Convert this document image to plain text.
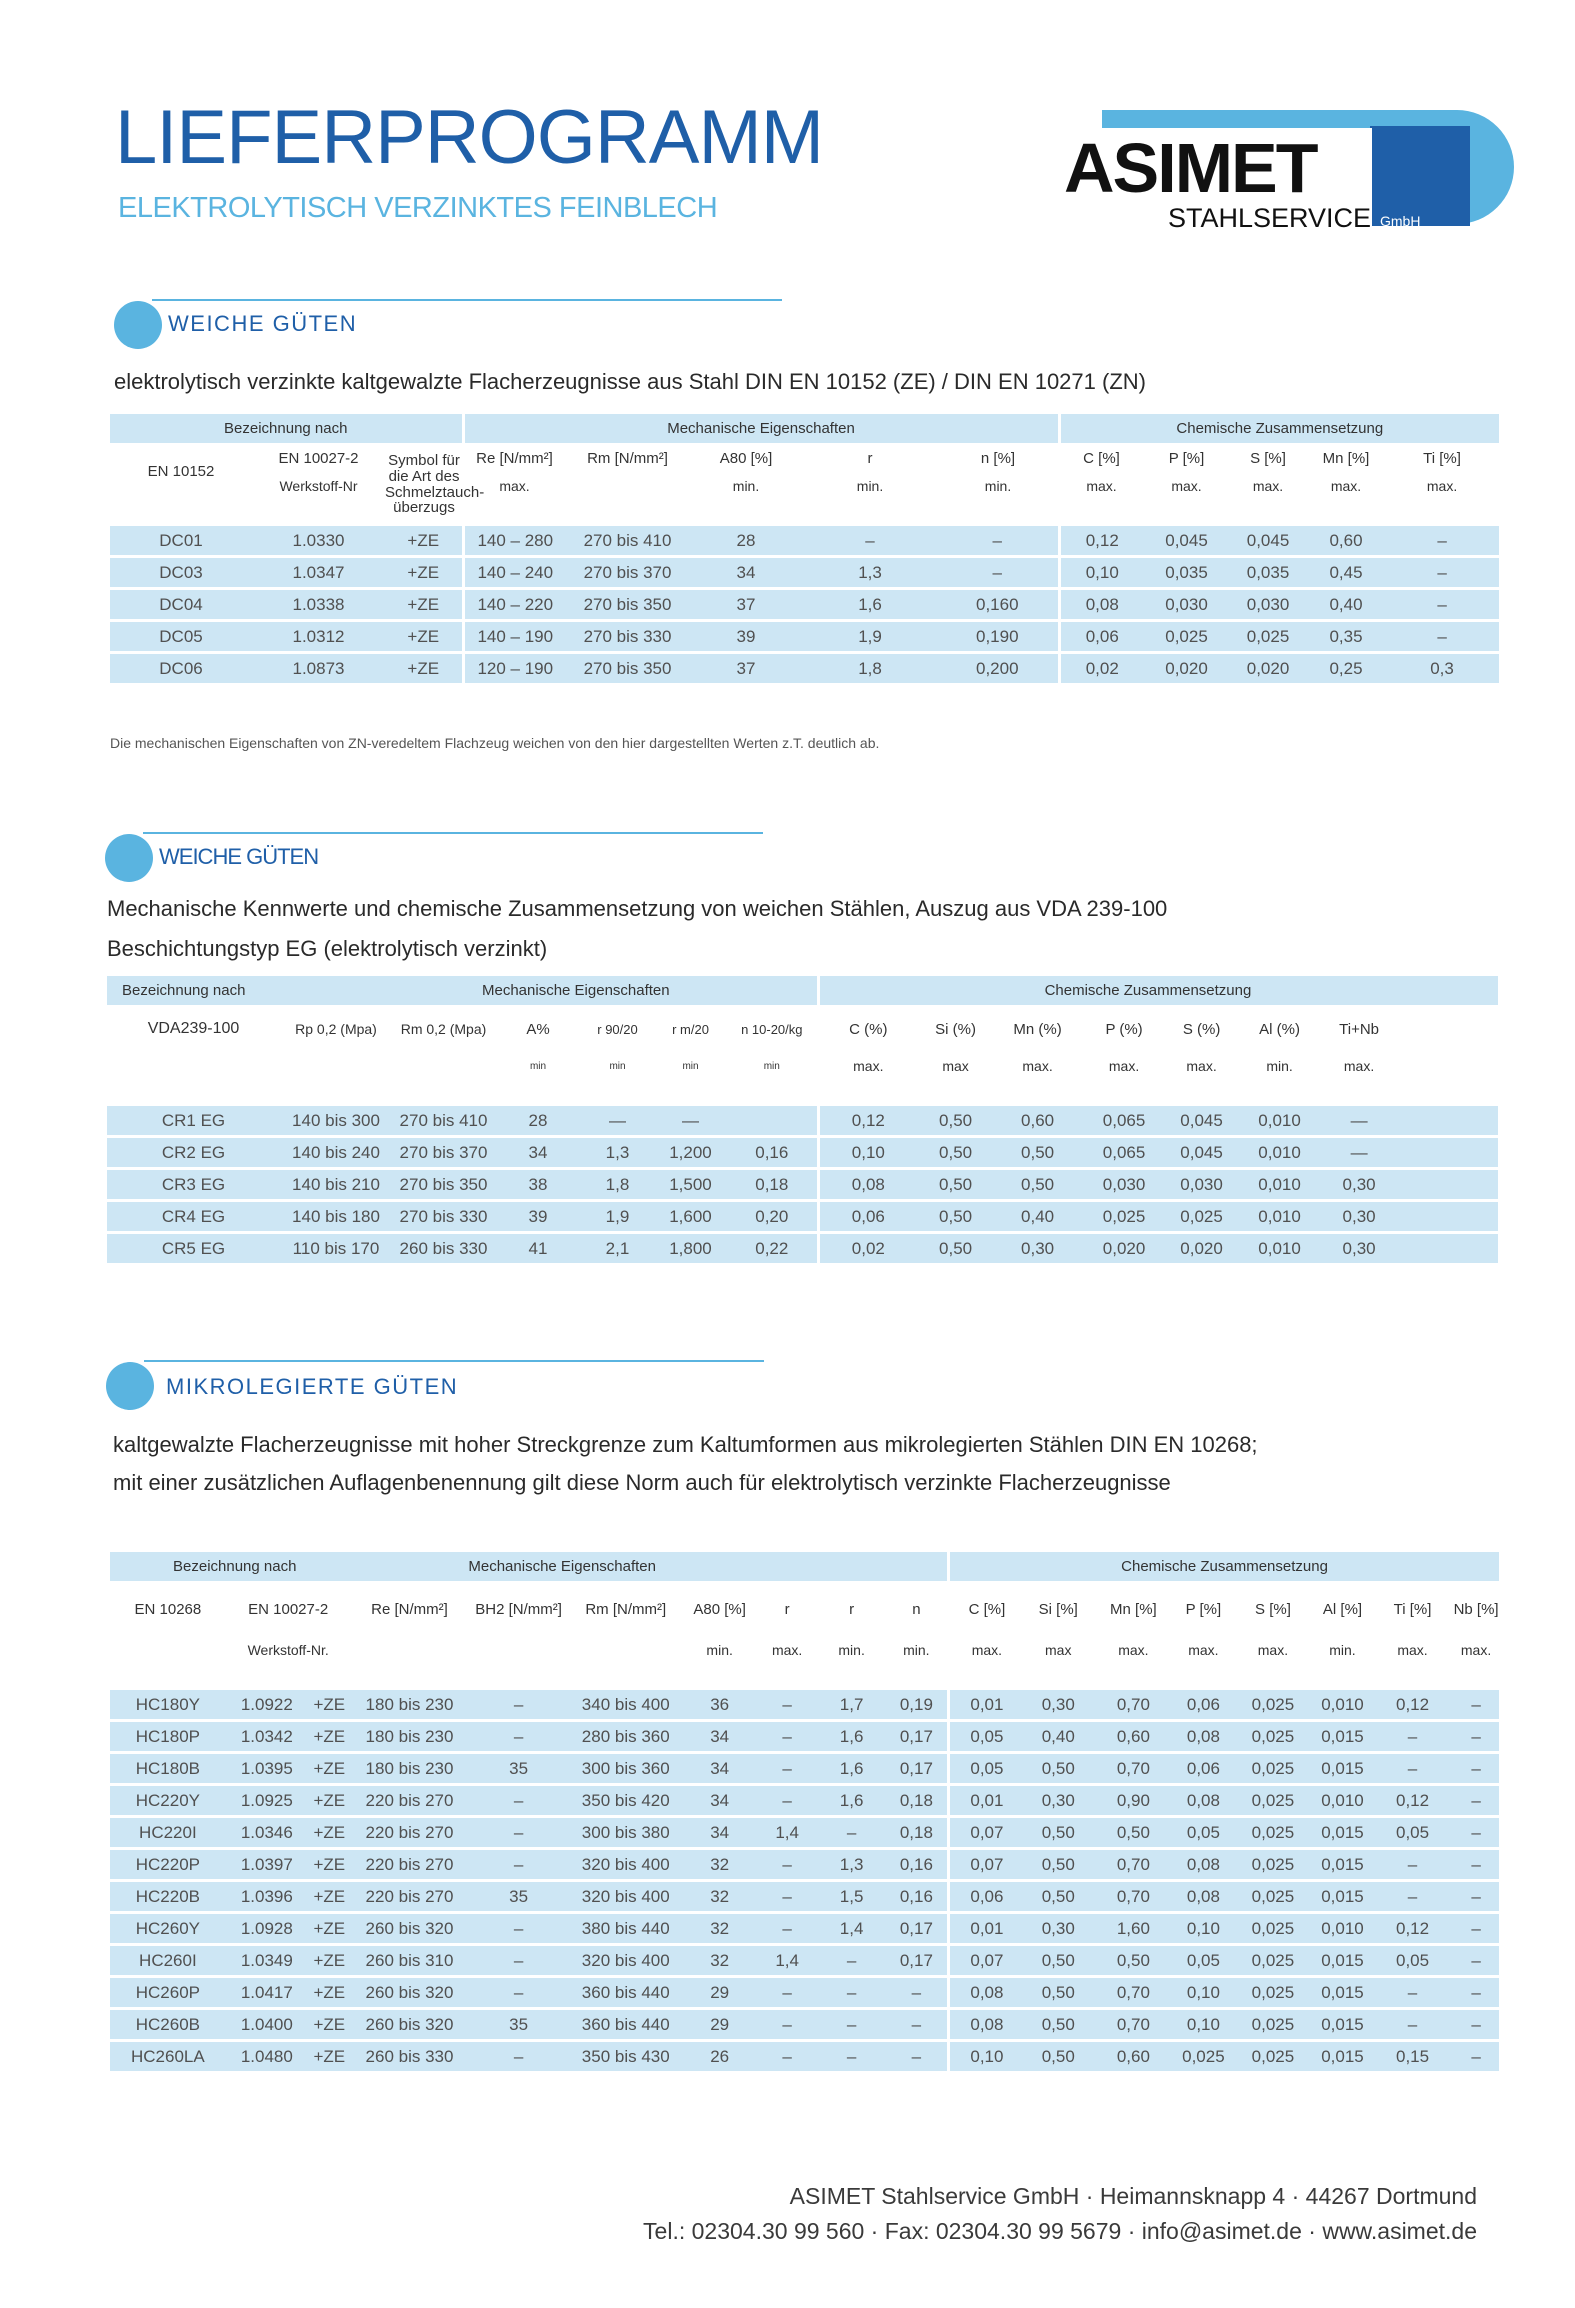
LIEFERPROGRAMM
ELEKTROLYTISCH VERZINKTES FEINBLECH
ASIMET
STAHLSERVICE GmbH
WEICHE GÜTEN
elektrolytisch verzinkte kaltgewalzte Flacherzeugnisse aus Stahl DIN EN 10152 (ZE) / DIN EN 10271 (ZN)
Bezeichnung nach			Mechanische Eigenschaften					Chemische Zusammensetzung				
EN 10152	EN 10027-2	Symbol für die Art des Schmelztauch-überzugs	Re [N/mm²]	Rm [N/mm²]	A80 [%]	r	n [%]	C [%]	P [%]	S [%]	Mn [%]	Ti [%]
	Werkstoff-Nr		max.		min.	min.	min.	max.	max.	max.	max.	max.

DC01	1.0330	+ZE	140 – 280	270 bis 410	28	–	–	0,12	0,045	0,045	0,60	–
DC03	1.0347	+ZE	140 – 240	270 bis 370	34	1,3	–	0,10	0,035	0,035	0,45	–
DC04	1.0338	+ZE	140 – 220	270 bis 350	37	1,6	0,160	0,08	0,030	0,030	0,40	–
DC05	1.0312	+ZE	140 – 190	270 bis 330	39	1,9	0,190	0,06	0,025	0,025	0,35	–
DC06	1.0873	+ZE	120 – 190	270 bis 350	37	1,8	0,200	0,02	0,020	0,020	0,25	0,3
Die mechanischen Eigenschaften von ZN-veredeltem Flachzeug weichen von den hier dargestellten Werten z.T. deutlich ab.
WEICHE GÜTEN
Mechanische Kennwerte und chemische Zusammensetzung von weichen Stählen, Auszug aus VDA 239-100
Beschichtungstyp EG (elektrolytisch verzinkt)
Bezeichnung nach		Mechanische Eigenschaften					Chemische Zusammensetzung							
VDA239-100	Rp 0,2 (Mpa)	Rm 0,2 (Mpa)	A%	r 90/20	r m/20	n 10-20/kg	C (%)	Si (%)	Mn (%)	P (%)	S (%)	Al (%)	Ti+Nb	
			min	min	min	min	max.	max	max.	max.	max.	min.	max.	

CR1 EG	140 bis 300	270 bis 410	28	—	—		0,12	0,50	0,60	0,065	0,045	0,010	—	
CR2 EG	140 bis 240	270 bis 370	34	1,3	1,200	0,16	0,10	0,50	0,50	0,065	0,045	0,010	—	
CR3 EG	140 bis 210	270 bis 350	38	1,8	1,500	0,18	0,08	0,50	0,50	0,030	0,030	0,010	0,30	
CR4 EG	140 bis 180	270 bis 330	39	1,9	1,600	0,20	0,06	0,50	0,40	0,025	0,025	0,010	0,30	
CR5 EG	110 bis 170	260 bis 330	41	2,1	1,800	0,22	0,02	0,50	0,30	0,020	0,020	0,010	0,30	
MIKROLEGIERTE GÜTEN
kaltgewalzte Flacherzeugnisse mit hoher Streckgrenze zum Kaltumformen aus mikrolegierten Stählen DIN EN 10268;
mit einer zusätzlichen Auflagenbenennung gilt diese Norm auch für elektrolytisch verzinkte Flacherzeugnisse
Bezeichnung nach				Mechanische Eigenschaften						Chemische Zusammensetzung							
EN 10268	EN 10027-2		Re [N/mm²]	BH2 [N/mm²]	Rm [N/mm²]	A80 [%]	r	r	n	C [%]	Si [%]	Mn [%]	P [%]	S [%]	Al [%]	Ti [%]	Nb [%]
	Werkstoff-Nr.					min.	max.	min.	min.	max.	max	max.	max.	max.	min.	max.	max.

HC180Y	1.0922	+ZE	180 bis 230	–	340 bis 400	36	–	1,7	0,19	0,01	0,30	0,70	0,06	0,025	0,010	0,12	–
HC180P	1.0342	+ZE	180 bis 230	–	280 bis 360	34	–	1,6	0,17	0,05	0,40	0,60	0,08	0,025	0,015	–	–
HC180B	1.0395	+ZE	180 bis 230	35	300 bis 360	34	–	1,6	0,17	0,05	0,50	0,70	0,06	0,025	0,015	–	–
HC220Y	1.0925	+ZE	220 bis 270	–	350 bis 420	34	–	1,6	0,18	0,01	0,30	0,90	0,08	0,025	0,010	0,12	–
HC220I	1.0346	+ZE	220 bis 270	–	300 bis 380	34	1,4	–	0,18	0,07	0,50	0,50	0,05	0,025	0,015	0,05	–
HC220P	1.0397	+ZE	220 bis 270	–	320 bis 400	32	–	1,3	0,16	0,07	0,50	0,70	0,08	0,025	0,015	–	–
HC220B	1.0396	+ZE	220 bis 270	35	320 bis 400	32	–	1,5	0,16	0,06	0,50	0,70	0,08	0,025	0,015	–	–
HC260Y	1.0928	+ZE	260 bis 320	–	380 bis 440	32	–	1,4	0,17	0,01	0,30	1,60	0,10	0,025	0,010	0,12	–
HC260I	1.0349	+ZE	260 bis 310	–	320 bis 400	32	1,4	–	0,17	0,07	0,50	0,50	0,05	0,025	0,015	0,05	–
HC260P	1.0417	+ZE	260 bis 320	–	360 bis 440	29	–	–	–	0,08	0,50	0,70	0,10	0,025	0,015	–	–
HC260B	1.0400	+ZE	260 bis 320	35	360 bis 440	29	–	–	–	0,08	0,50	0,70	0,10	0,025	0,015	–	–
HC260LA	1.0480	+ZE	260 bis 330	–	350 bis 430	26	–	–	–	0,10	0,50	0,60	0,025	0,025	0,015	0,15	–
ASIMET Stahlservice GmbH · Heimannsknapp 4 · 44267 Dortmund
Tel.: 02304.30 99 560 · Fax: 02304.30 99 5679 · info@asimet.de · www.asimet.de
